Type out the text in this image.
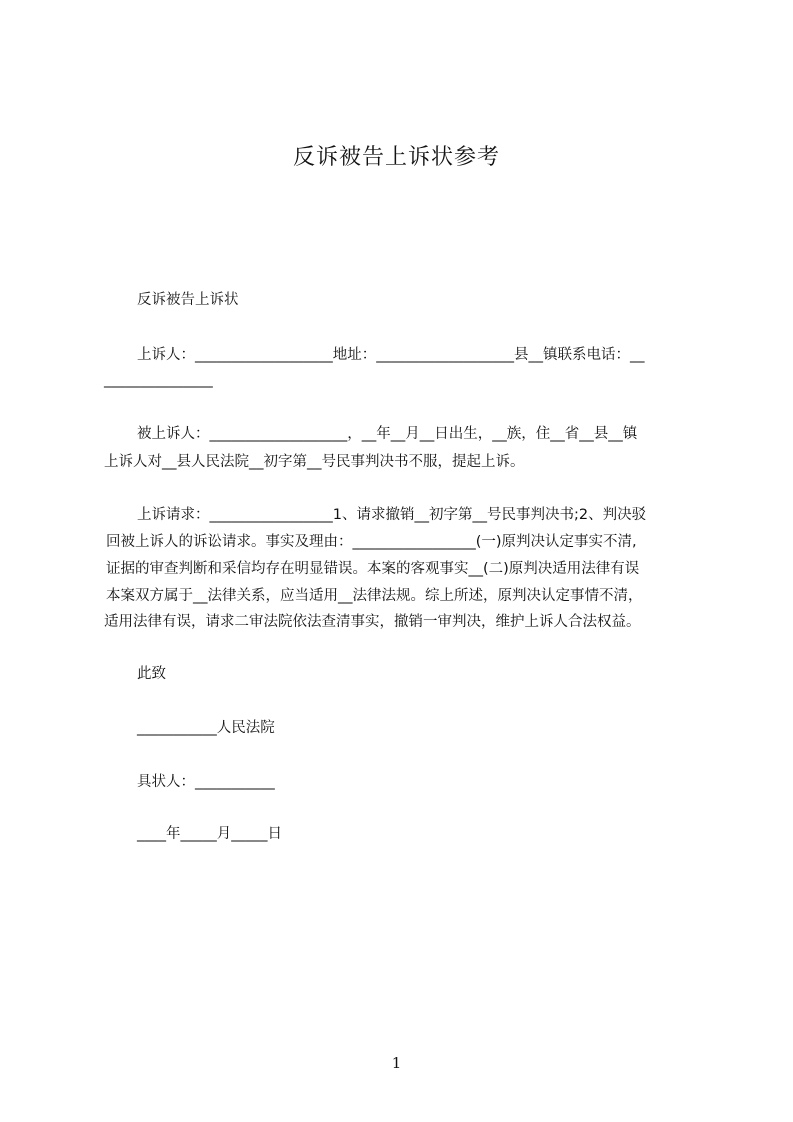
反诉被告上诉状参考

反诉被告上诉状

上诉人：___________________地址：___________________县__镇联系电话：__

_______________

被上诉人：___________________，__年__月__日出生，__族，住__省__县__镇

上诉人对__县人民法院__初字第__号民事判决书不服，提起上诉。

上诉请求：_________________1、请求撤销__初字第__号民事判决书;2、判决驳

回被上诉人的诉讼请求。事实及理由：_________________(一)原判决认定事实不清,

证据的审查判断和采信均存在明显错误。本案的客观事实__(二)原判决适用法律有误

本案双方属于__法律关系，应当适用__法律法规。综上所述，原判决认定事情不清，

适用法律有误，请求二审法院依法查清事实，撤销一审判决，维护上诉人合法权益。

此致

___________人民法院

具状人：___________

____年_____月_____日

1
